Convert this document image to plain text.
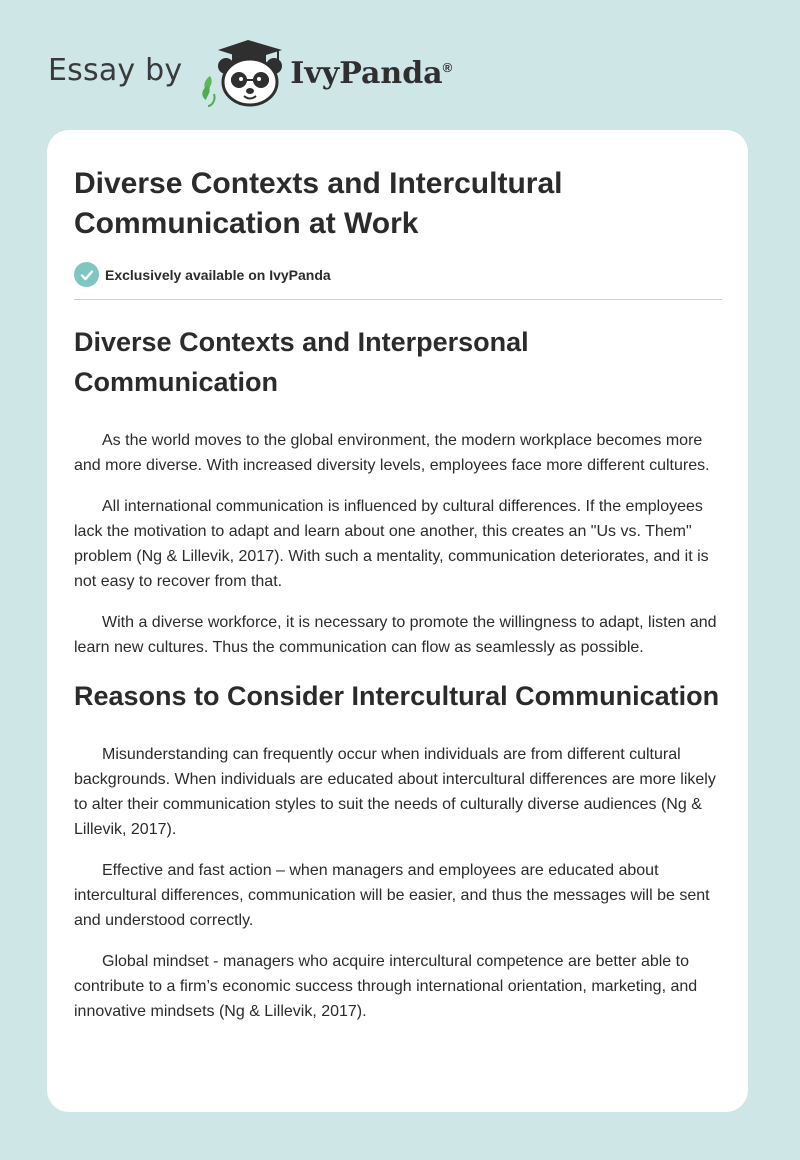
Essay by	IvyPanda®
Diverse Contexts and Intercultural Communication at Work
Exclusively available on IvyPanda
Diverse Contexts and Interpersonal Communication

As the world moves to the global environment, the modern workplace becomes more and more diverse. With increased diversity levels, employees face more different cultures.

All international communication is influenced by cultural differences. If the employees lack the motivation to adapt and learn about one another, this creates an "Us vs. Them" problem (Ng & Lillevik, 2017). With such a mentality, communication deteriorates, and it is not easy to recover from that.

With a diverse workforce, it is necessary to promote the willingness to adapt, listen and learn new cultures. Thus the communication can flow as seamlessly as possible.

Reasons to Consider Intercultural Communication

Misunderstanding can frequently occur when individuals are from different cultural backgrounds. When individuals are educated about intercultural differences are more likely to alter their communication styles to suit the needs of culturally diverse audiences (Ng & Lillevik, 2017).

Effective and fast action – when managers and employees are educated about intercultural differences, communication will be easier, and thus the messages will be sent and understood correctly.

Global mindset - managers who acquire intercultural competence are better able to contribute to a firm’s economic success through international orientation, marketing, and innovative mindsets (Ng & Lillevik, 2017).
